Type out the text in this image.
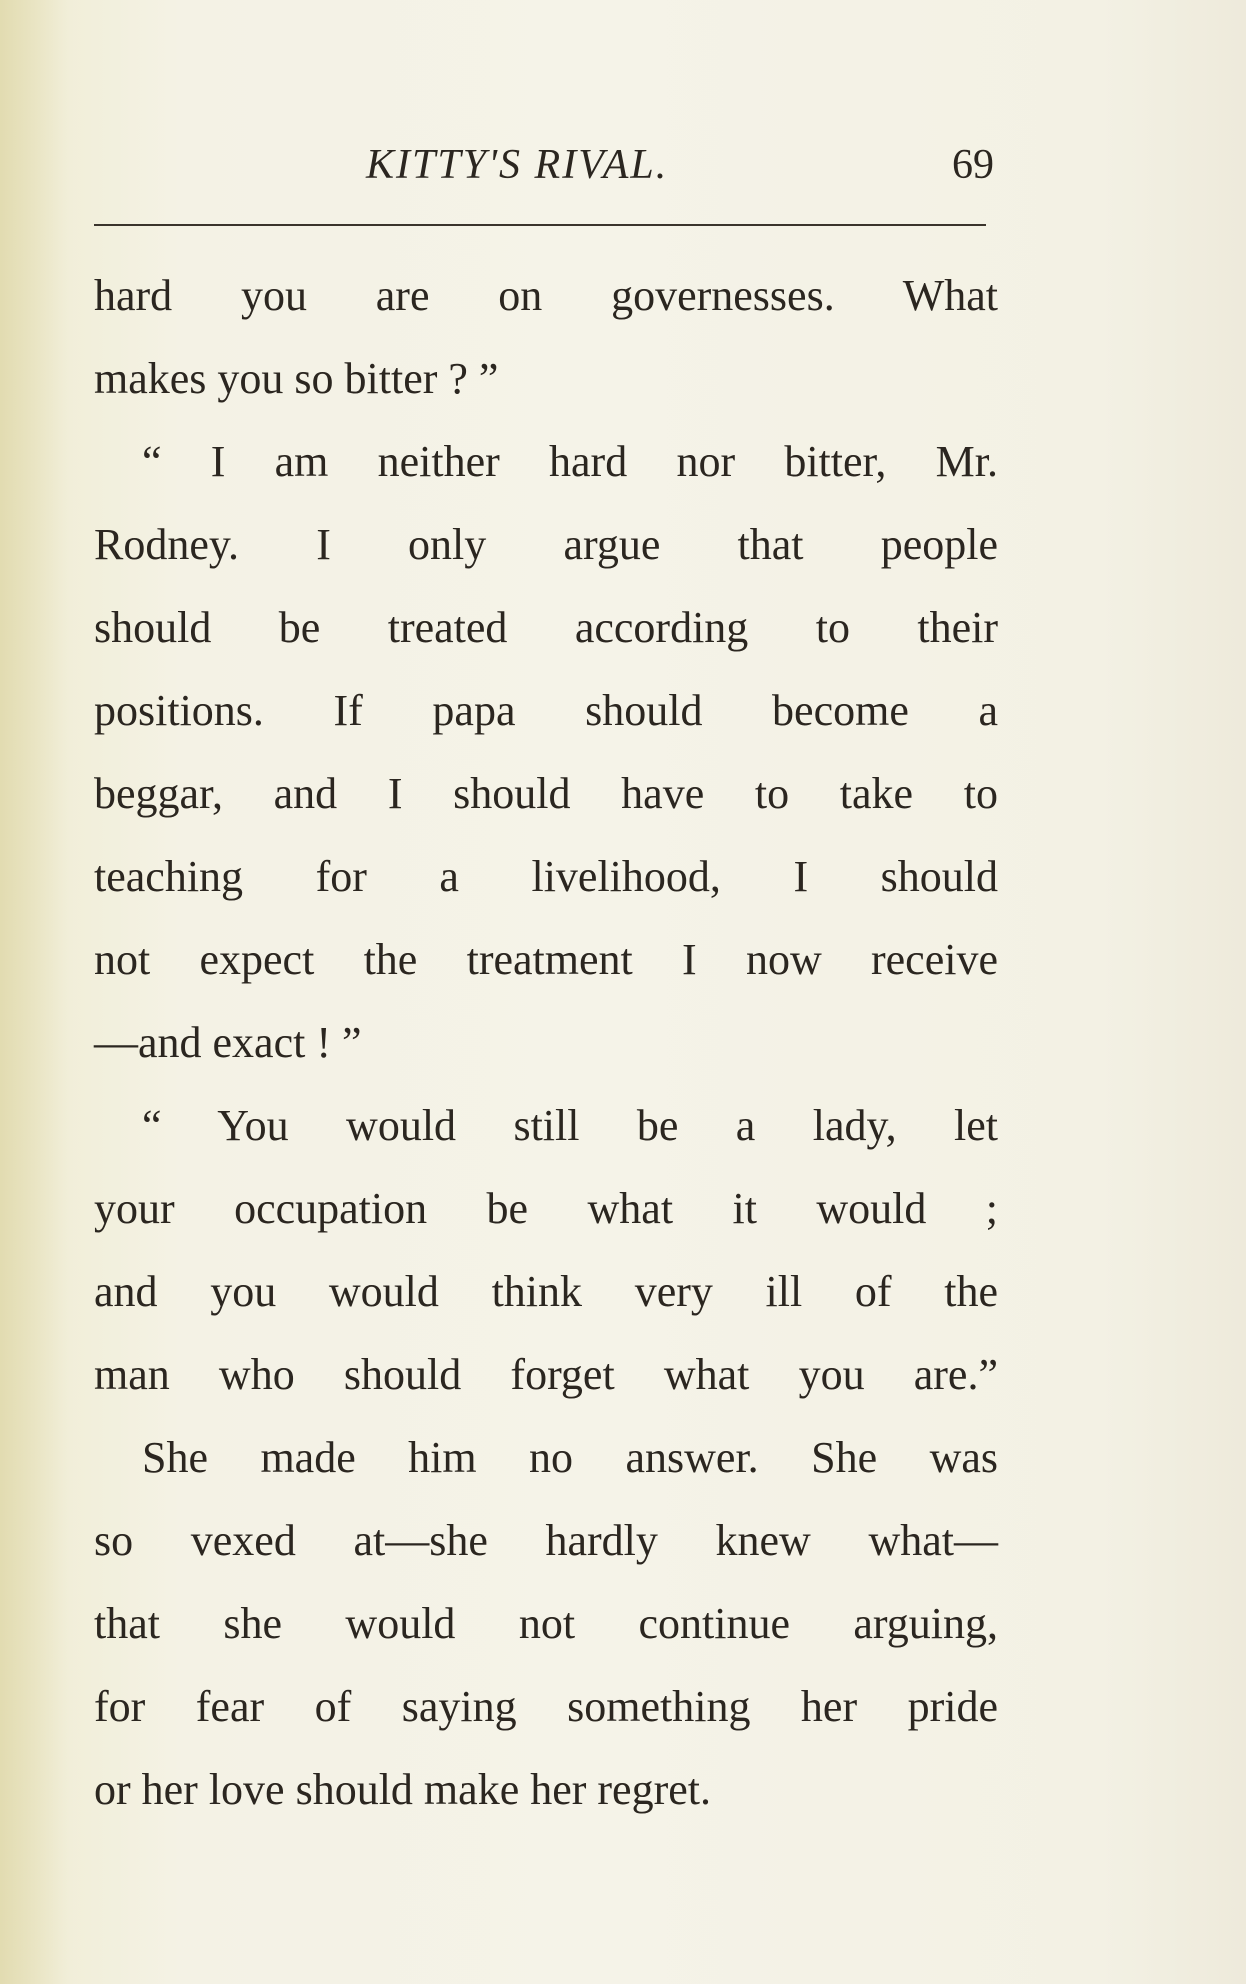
KITTY'S RIVAL.	69
hard you are on governesses. What
makes you so bitter ? ”
“ I am neither hard nor bitter, Mr.
Rodney. I only argue that people
should be treated according to their
positions. If papa should become a
beggar, and I should have to take to
teaching for a livelihood, I should
not expect the treatment I now receive
—and exact ! ”
“ You would still be a lady, let
your occupation be what it would ;
and you would think very ill of the
man who should forget what you are.”
She made him no answer. She was
so vexed at—she hardly knew what—
that she would not continue arguing,
for fear of saying something her pride
or her love should make her regret.
